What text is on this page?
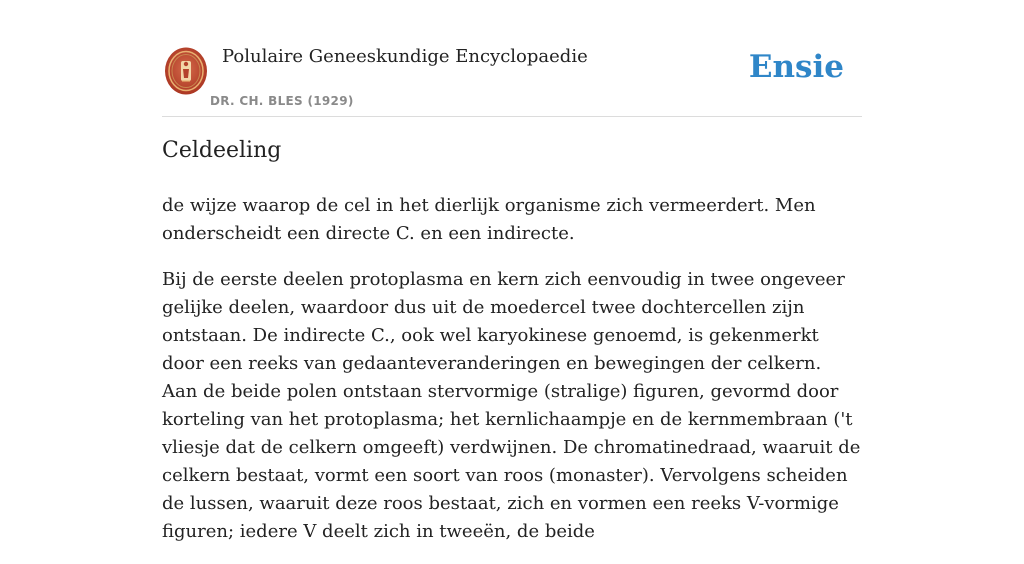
Polulaire Geneeskundige Encyclopaedie
DR. CH. BLES (1929)
Ensie
Celdeeling

de wijze waarop de cel in het dierlijk organisme zich vermeerdert. Men onderscheidt een directe C. en een indirecte.

Bij de eerste deelen protoplasma en kern zich eenvoudig in twee ongeveer gelijke deelen, waardoor dus uit de moedercel twee dochtercellen zijn ontstaan. De indirecte C., ook wel karyokinese genoemd, is gekenmerkt door een reeks van gedaanteveranderingen en bewegingen der celkern. Aan de beide polen ontstaan stervormige (stralige) figuren, gevormd door korteling van het protoplasma; het kernlichaampje en de kernmembraan ('t vliesje dat de celkern omgeeft) verdwijnen. De chromatinedraad, waaruit de celkern bestaat, vormt een soort van roos (monaster). Vervolgens scheiden de lussen, waaruit deze roos bestaat, zich en vormen een reeks V-vormige figuren; iedere V deelt zich in tweeën, de beide
